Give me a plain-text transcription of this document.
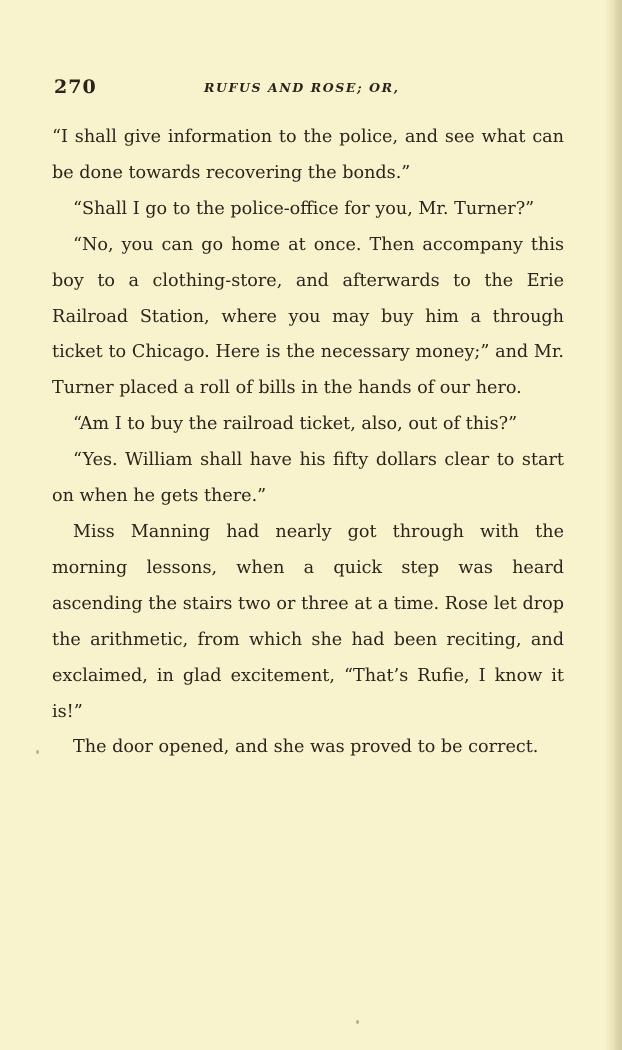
270	RUFUS AND ROSE; OR,

“I shall give information to the police, and see what can be done towards recovering the bonds.”

“Shall I go to the police-office for you, Mr. Turner?”

“No, you can go home at once. Then accompany this boy to a clothing-store, and afterwards to the Erie Railroad Station, where you may buy him a through ticket to Chicago. Here is the necessary money;” and Mr. Turner placed a roll of bills in the hands of our hero.

“Am I to buy the railroad ticket, also, out of this?”

“Yes. William shall have his fifty dollars clear to start on when he gets there.”

Miss Manning had nearly got through with the morning lessons, when a quick step was heard ascending the stairs two or three at a time. Rose let drop the arithmetic, from which she had been reciting, and exclaimed, in glad excitement, “That’s Rufie, I know it is!”

The door opened, and she was proved to be correct.
